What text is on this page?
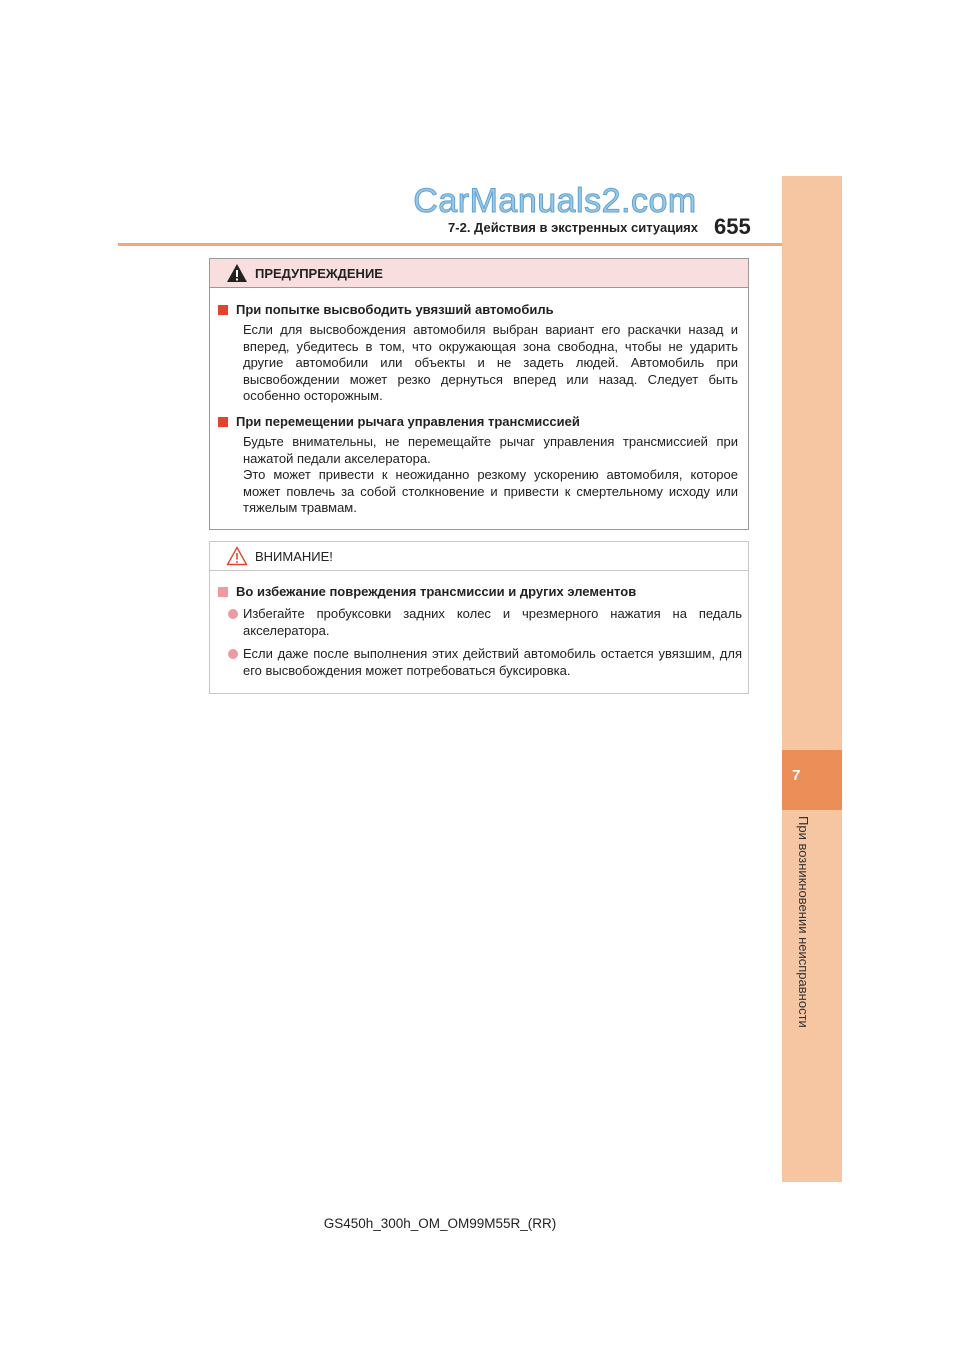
CarManuals2.com
655
7-2. Действия в экстренных ситуациях
7
При возникновении неисправности
ПРЕДУПРЕЖДЕНИЕ
При попытке высвободить увязший автомобиль
Если для высвобождения автомобиля выбран вариант его раскачки назад и вперед, убедитесь в том, что окружающая зона свободна, чтобы не ударить другие автомобили или объекты и не задеть людей. Автомобиль при высвобождении может резко дернуться вперед или назад. Следует быть особенно осторожным.
При перемещении рычага управления трансмиссией
Будьте внимательны, не перемещайте рычаг управления трансмиссией при нажатой педали акселератора.
Это может привести к неожиданно резкому ускорению автомобиля, которое может повлечь за собой столкновение и привести к смертельному исходу или тяжелым травмам.
ВНИМАНИЕ!
Во избежание повреждения трансмиссии и других элементов
Избегайте пробуксовки задних колес и чрезмерного нажатия на педаль акселератора.
Если даже после выполнения этих действий автомобиль остается увязшим, для его высвобождения может потребоваться буксировка.
GS450h_300h_OM_OM99M55R_(RR)
